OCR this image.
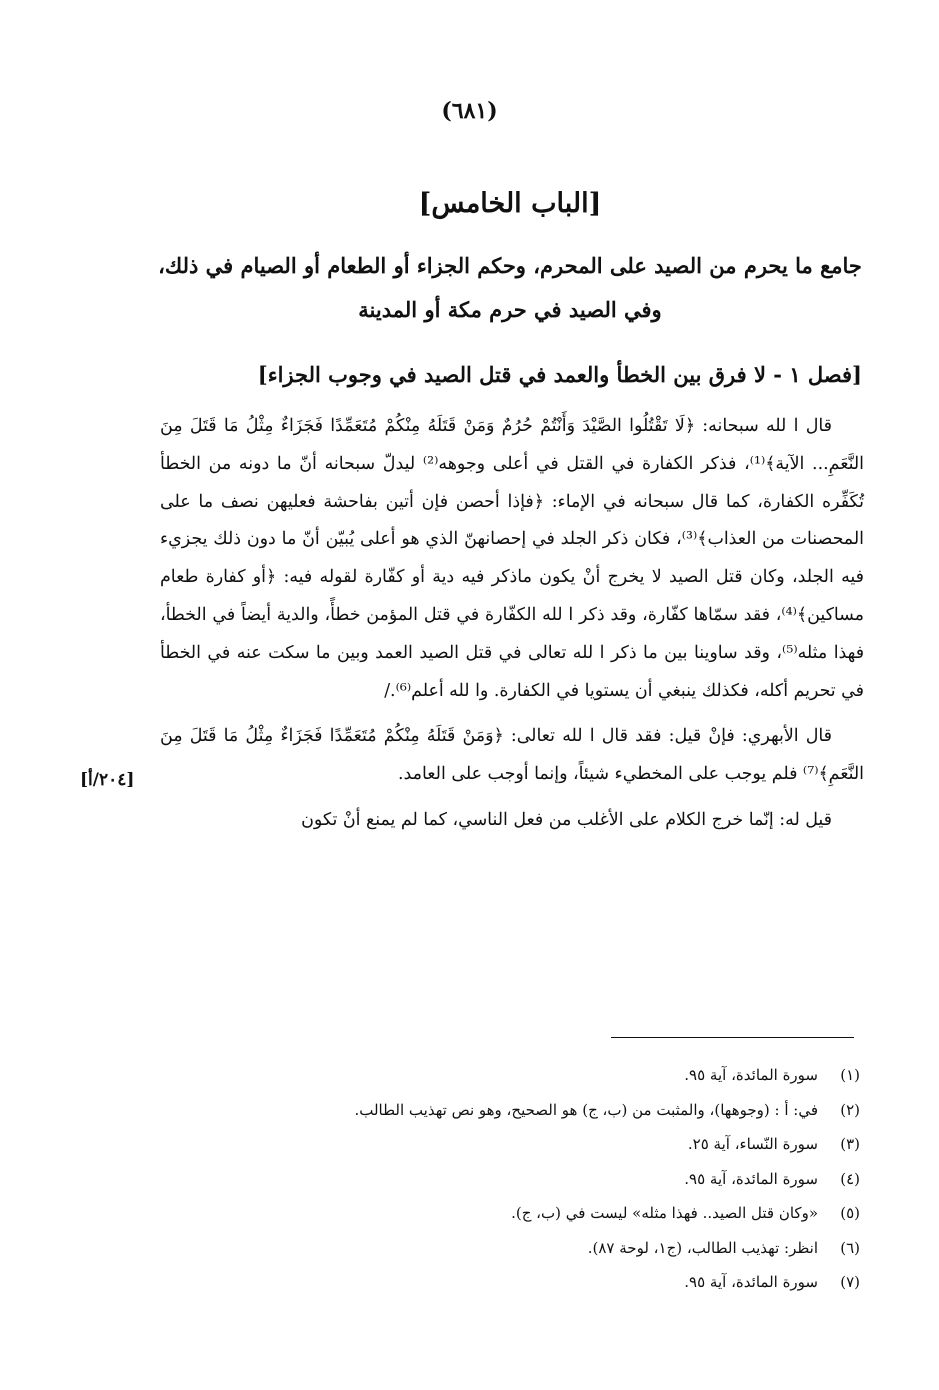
(٦٨١)
[الباب الخامس]
جامع ما يحرم من الصيد على المحرم، وحكم الجزاء أو الطعام أو الصيام في ذلك، وفي الصيد في حرم مكة أو المدينة
[فصل ١ - لا فرق بين الخطأ والعمد في قتل الصيد في وجوب الجزاء]

قال ا لله سبحانه: ﴿لَا تَقْتُلُوا الصَّيْدَ وَأَنْتُمْ حُرُمٌ وَمَنْ قَتَلَهُ مِنْكُمْ مُتَعَمِّدًا فَجَزَاءٌ مِثْلُ مَا قَتَلَ مِنَ النَّعَمِ... الآية﴾⁽¹⁾، فذكر الكفارة في القتل في أعلى وجوهه⁽²⁾ ليدلّ سبحانه أنّ ما دونه من الخطأ تُكَفِّره الكفارة، كما قال سبحانه في الإماء: ﴿فإذا أحصن فإن أتين بفاحشة فعليهن نصف ما على المحصنات من العذاب﴾⁽³⁾، فكان ذكر الجلد في إحصانهنّ الذي هو أعلى يُبيّن أنّ ما دون ذلك يجزيء فيه الجلد، وكان قتل الصيد لا يخرج أنْ يكون ماذكر فيه دية أو كفّارة لقوله فيه: ﴿أو كفارة طعام مساكين﴾⁽⁴⁾، فقد سمّاها كفّارة، وقد ذكر ا لله الكفّارة في قتل المؤمن خطأً، والدية أيضاً في الخطأ، فهذا مثله⁽⁵⁾، وقد ساوينا بين ما ذكر ا لله تعالى في قتل الصيد العمد وبين ما سكت عنه في الخطأ في تحريم أكله، فكذلك ينبغي أن يستويا في الكفارة. وا لله أعلم⁽⁶⁾./

قال الأبهري: فإنْ قيل: فقد قال ا لله تعالى: ﴿وَمَنْ قَتَلَهُ مِنْكُمْ مُتَعَمِّدًا فَجَزَاءٌ مِثْلُ مَا قَتَلَ مِنَ النَّعَمِ﴾⁽⁷⁾ فلم يوجب على المخطيء شيئاً، وإنما أوجب على العامد.

قيل له: إنّما خرج الكلام على الأغلب من فعل الناسي، كما لم يمنع أنْ تكون

[٢٠٤/أ]
(١)
سورة المائدة، آية ٩٥.
(٢)
في: أ : (وجوهها)، والمثبت من (ب، ج) هو الصحيح، وهو نص تهذيب الطالب.
(٣)
سورة النّساء، آية ٢٥.
(٤)
سورة المائدة، آية ٩٥.
(٥)
«وكان قتل الصيد.. فهذا مثله» ليست في (ب، ج).
(٦)
انظر: تهذيب الطالب، (ج١، لوحة ٨٧).
(٧)
سورة المائدة، آية ٩٥.
